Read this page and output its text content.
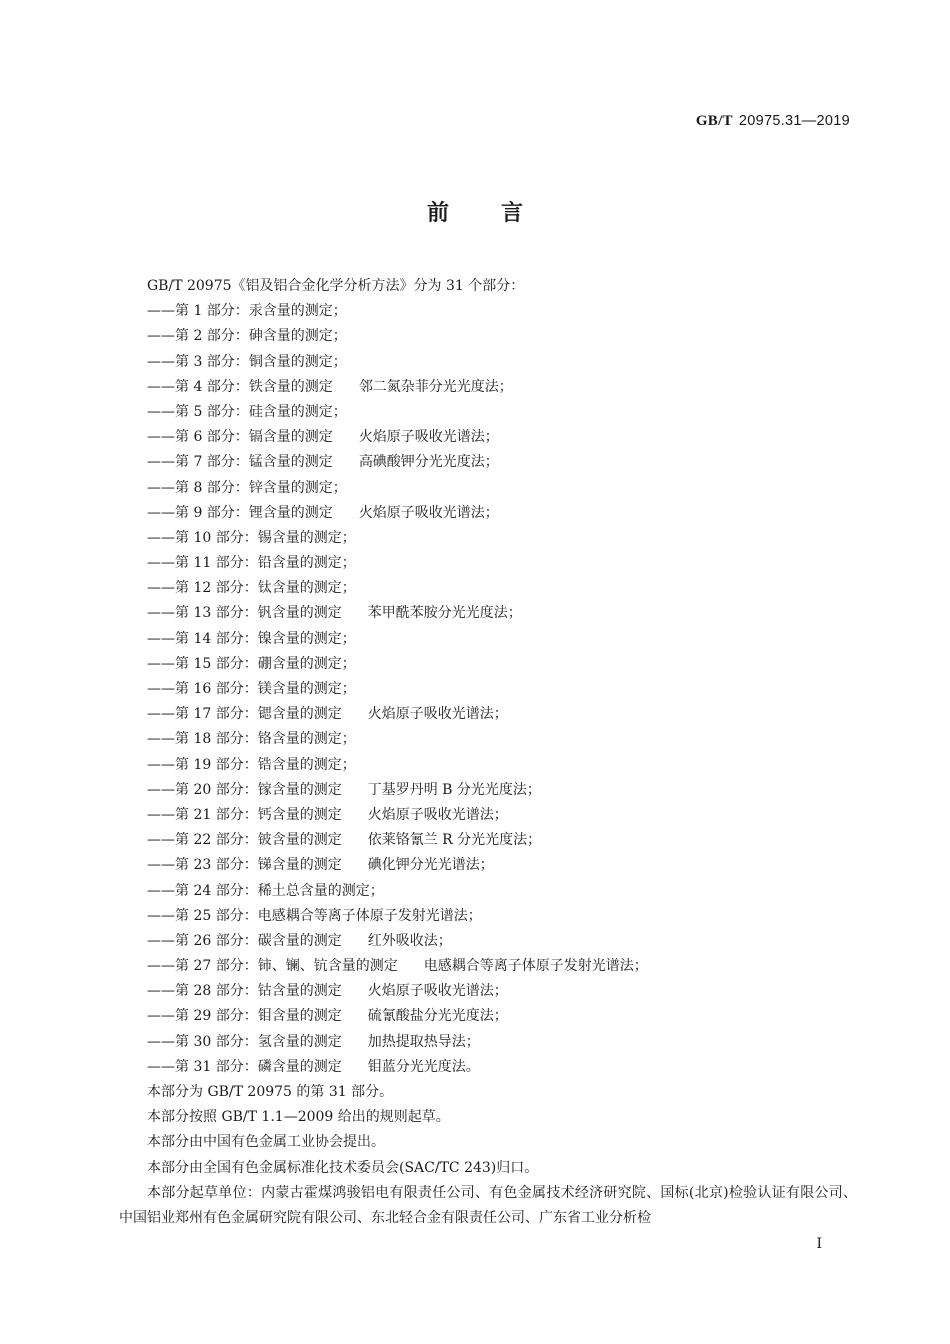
GB/T 20975.31—2019
前言
GB/T 20975《铝及铝合金化学分析方法》分为 31 个部分：
——第 1 部分：汞含量的测定；
——第 2 部分：砷含量的测定；
——第 3 部分：铜含量的测定；
——第 4 部分：铁含量的测定 邻二氮杂菲分光光度法；
——第 5 部分：硅含量的测定；
——第 6 部分：镉含量的测定 火焰原子吸收光谱法；
——第 7 部分：锰含量的测定 高碘酸钾分光光度法；
——第 8 部分：锌含量的测定；
——第 9 部分：锂含量的测定 火焰原子吸收光谱法；
——第 10 部分：锡含量的测定；
——第 11 部分：铅含量的测定；
——第 12 部分：钛含量的测定；
——第 13 部分：钒含量的测定 苯甲酰苯胺分光光度法；
——第 14 部分：镍含量的测定；
——第 15 部分：硼含量的测定；
——第 16 部分：镁含量的测定；
——第 17 部分：锶含量的测定 火焰原子吸收光谱法；
——第 18 部分：铬含量的测定；
——第 19 部分：锆含量的测定；
——第 20 部分：镓含量的测定 丁基罗丹明 B 分光光度法；
——第 21 部分：钙含量的测定 火焰原子吸收光谱法；
——第 22 部分：铍含量的测定 依莱铬氰兰 R 分光光度法；
——第 23 部分：锑含量的测定 碘化钾分光光谱法；
——第 24 部分：稀土总含量的测定；
——第 25 部分：电感耦合等离子体原子发射光谱法；
——第 26 部分：碳含量的测定 红外吸收法；
——第 27 部分：铈、镧、钪含量的测定 电感耦合等离子体原子发射光谱法；
——第 28 部分：钴含量的测定 火焰原子吸收光谱法；
——第 29 部分：钼含量的测定 硫氰酸盐分光光度法；
——第 30 部分：氢含量的测定 加热提取热导法；
——第 31 部分：磷含量的测定 钼蓝分光光度法。
本部分为 GB/T 20975 的第 31 部分。
本部分按照 GB/T 1.1—2009 给出的规则起草。
本部分由中国有色金属工业协会提出。
本部分由全国有色金属标准化技术委员会(SAC/TC 243)归口。
本部分起草单位：内蒙古霍煤鸿骏铝电有限责任公司、有色金属技术经济研究院、国标(北京)检验认证有限公司、中国铝业郑州有色金属研究院有限公司、东北轻合金有限责任公司、广东省工业分析检
I
